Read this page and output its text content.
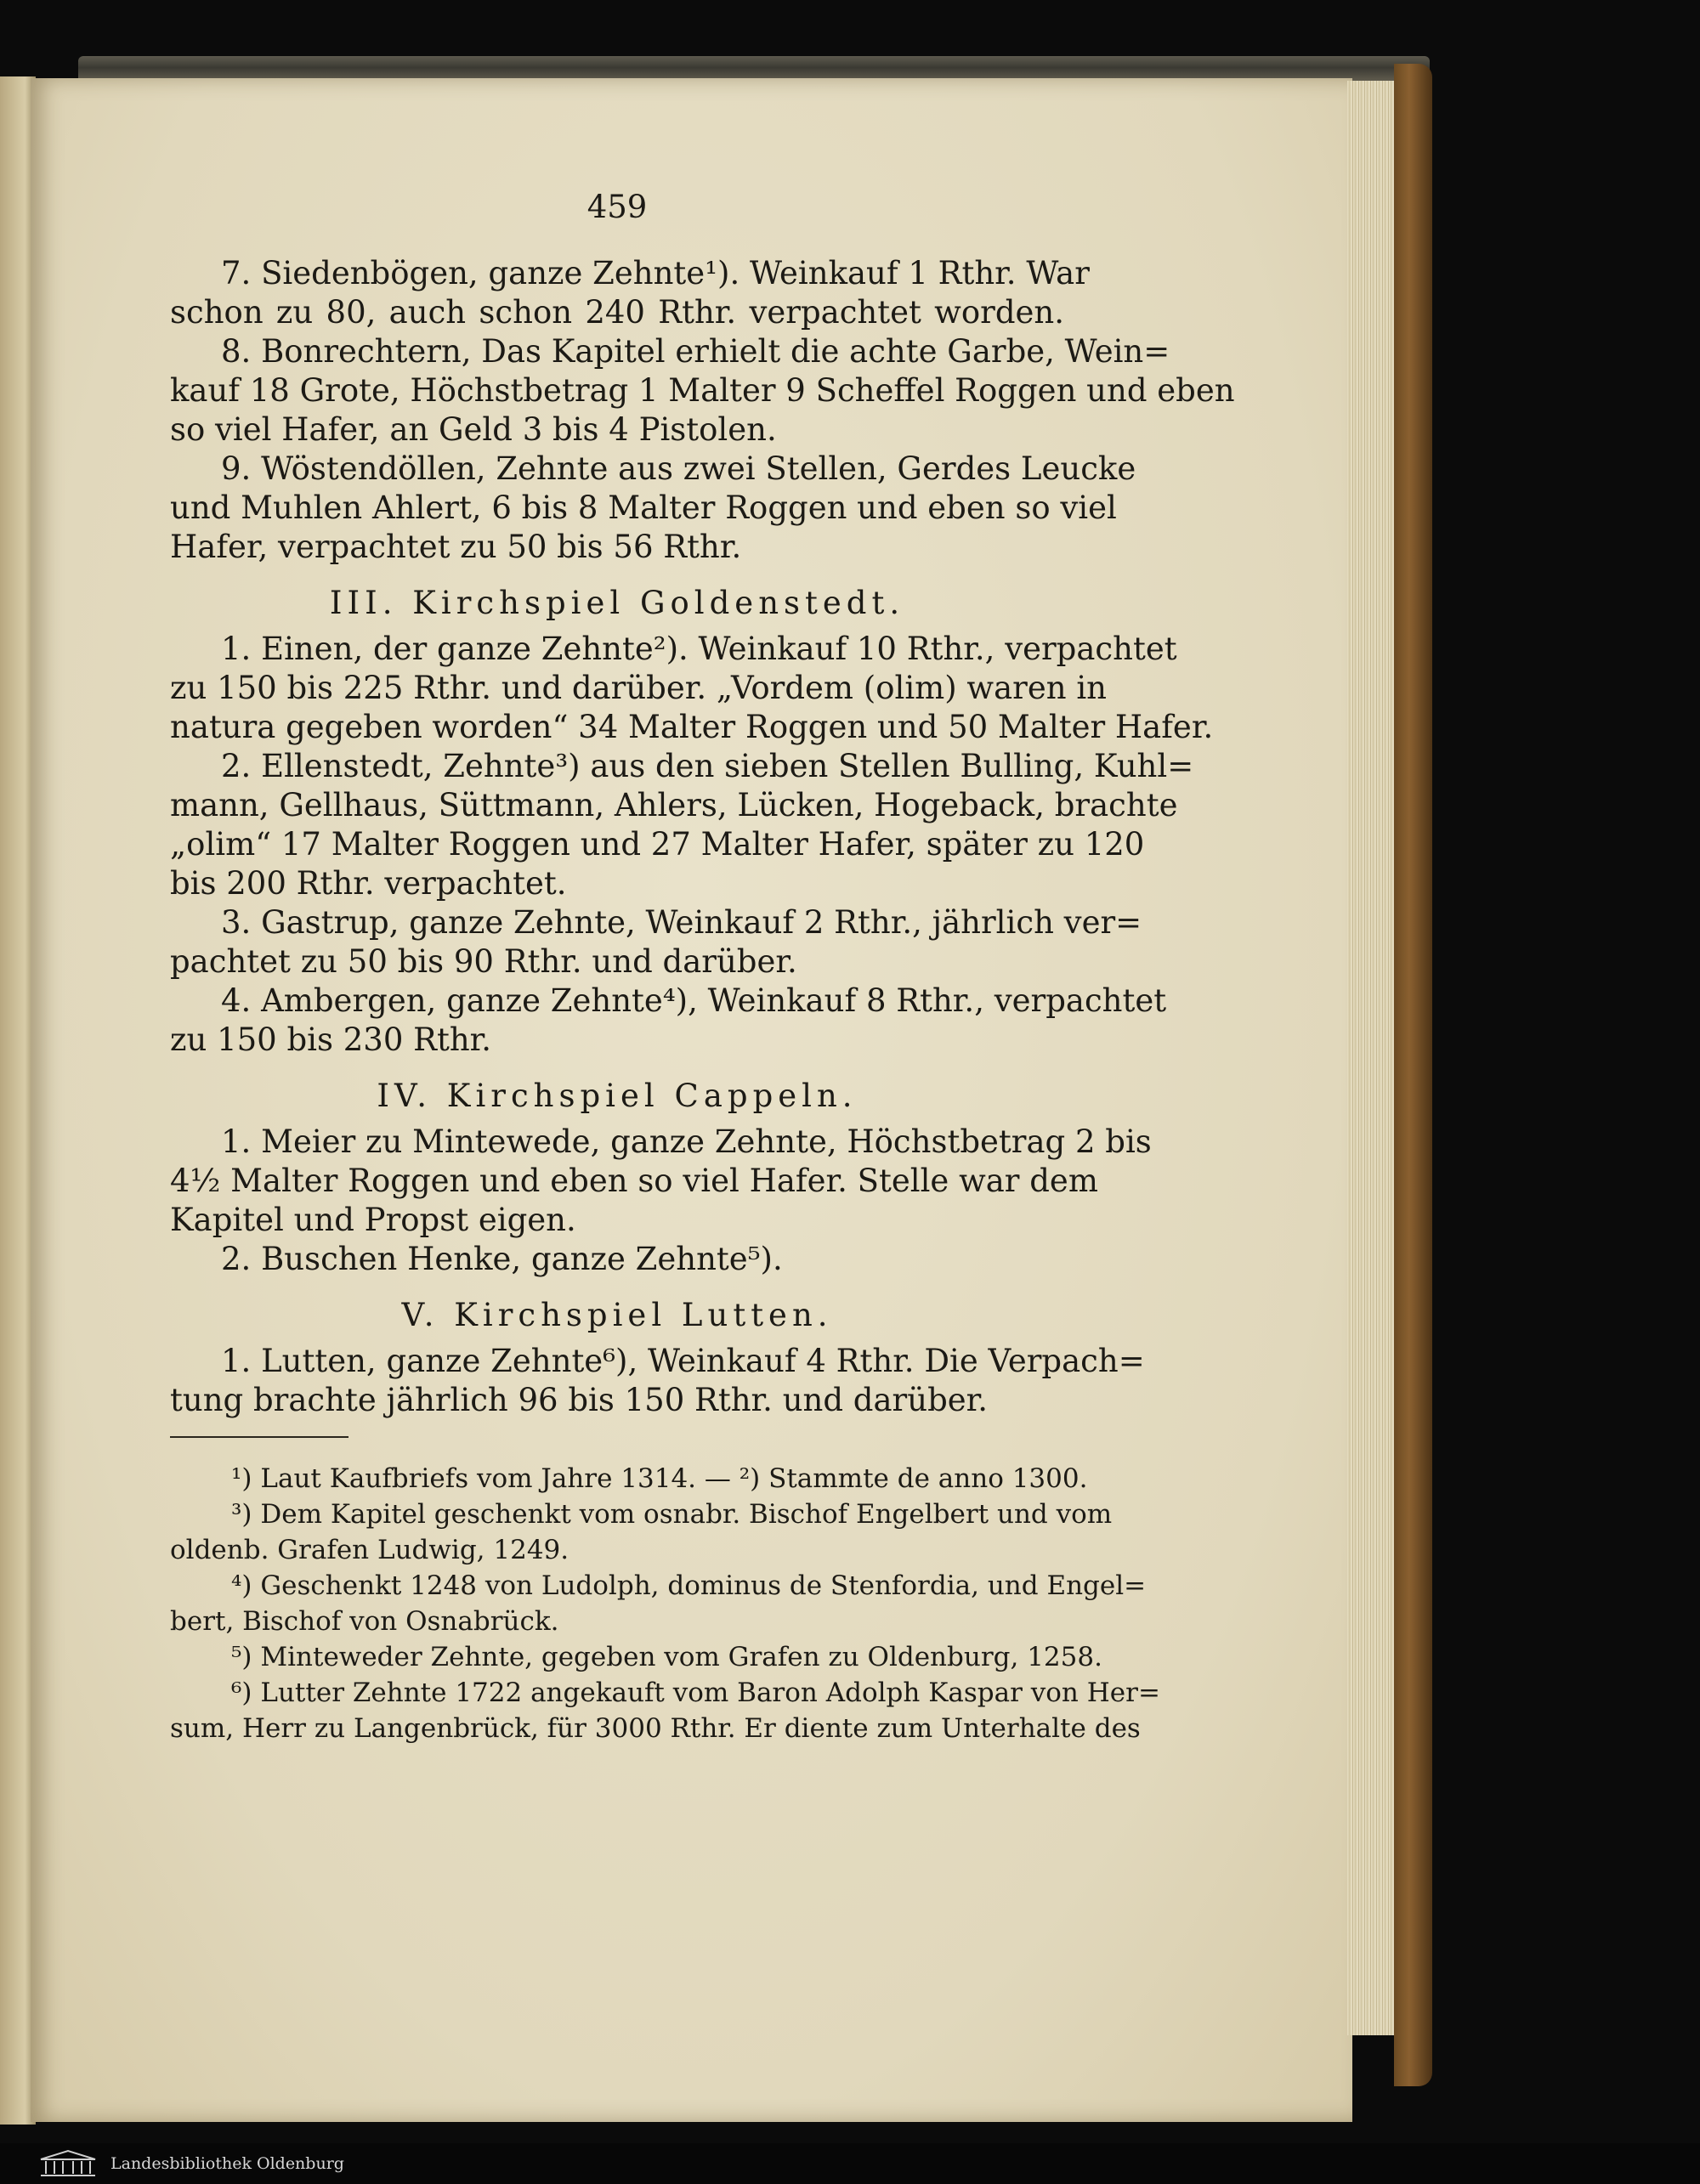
459
7. Siedenbögen, ganze Zehnte¹). Weinkauf 1 Rthr. War
schon zu 80, auch schon 240 Rthr. verpachtet worden.
8. Bonrechtern, Das Kapitel erhielt die achte Garbe, Wein=
kauf 18 Grote, Höchstbetrag 1 Malter 9 Scheffel Roggen und eben
so viel Hafer, an Geld 3 bis 4 Pistolen.
9. Wöstendöllen, Zehnte aus zwei Stellen, Gerdes Leucke
und Muhlen Ahlert, 6 bis 8 Malter Roggen und eben so viel
Hafer, verpachtet zu 50 bis 56 Rthr.
III. Kirchspiel Goldenstedt.
1. Einen, der ganze Zehnte²). Weinkauf 10 Rthr., verpachtet
zu 150 bis 225 Rthr. und darüber. „Vordem (olim) waren in
natura gegeben worden“ 34 Malter Roggen und 50 Malter Hafer.
2. Ellenstedt, Zehnte³) aus den sieben Stellen Bulling, Kuhl=
mann, Gellhaus, Süttmann, Ahlers, Lücken, Hogeback, brachte
„olim“ 17 Malter Roggen und 27 Malter Hafer, später zu 120
bis 200 Rthr. verpachtet.
3. Gastrup, ganze Zehnte, Weinkauf 2 Rthr., jährlich ver=
pachtet zu 50 bis 90 Rthr. und darüber.
4. Ambergen, ganze Zehnte⁴), Weinkauf 8 Rthr., verpachtet
zu 150 bis 230 Rthr.
IV. Kirchspiel Cappeln.
1. Meier zu Mintewede, ganze Zehnte, Höchstbetrag 2 bis
4½ Malter Roggen und eben so viel Hafer. Stelle war dem
Kapitel und Propst eigen.
2. Buschen Henke, ganze Zehnte⁵).
V. Kirchspiel Lutten.
1. Lutten, ganze Zehnte⁶), Weinkauf 4 Rthr. Die Verpach=
tung brachte jährlich 96 bis 150 Rthr. und darüber.
¹) Laut Kaufbriefs vom Jahre 1314. — ²) Stammte de anno 1300.
³) Dem Kapitel geschenkt vom osnabr. Bischof Engelbert und vom
oldenb. Grafen Ludwig, 1249.
⁴) Geschenkt 1248 von Ludolph, dominus de Stenfordia, und Engel=
bert, Bischof von Osnabrück.
⁵) Minteweder Zehnte, gegeben vom Grafen zu Oldenburg, 1258.
⁶) Lutter Zehnte 1722 angekauft vom Baron Adolph Kaspar von Her=
sum, Herr zu Langenbrück, für 3000 Rthr. Er diente zum Unterhalte des
Landesbibliothek Oldenburg
